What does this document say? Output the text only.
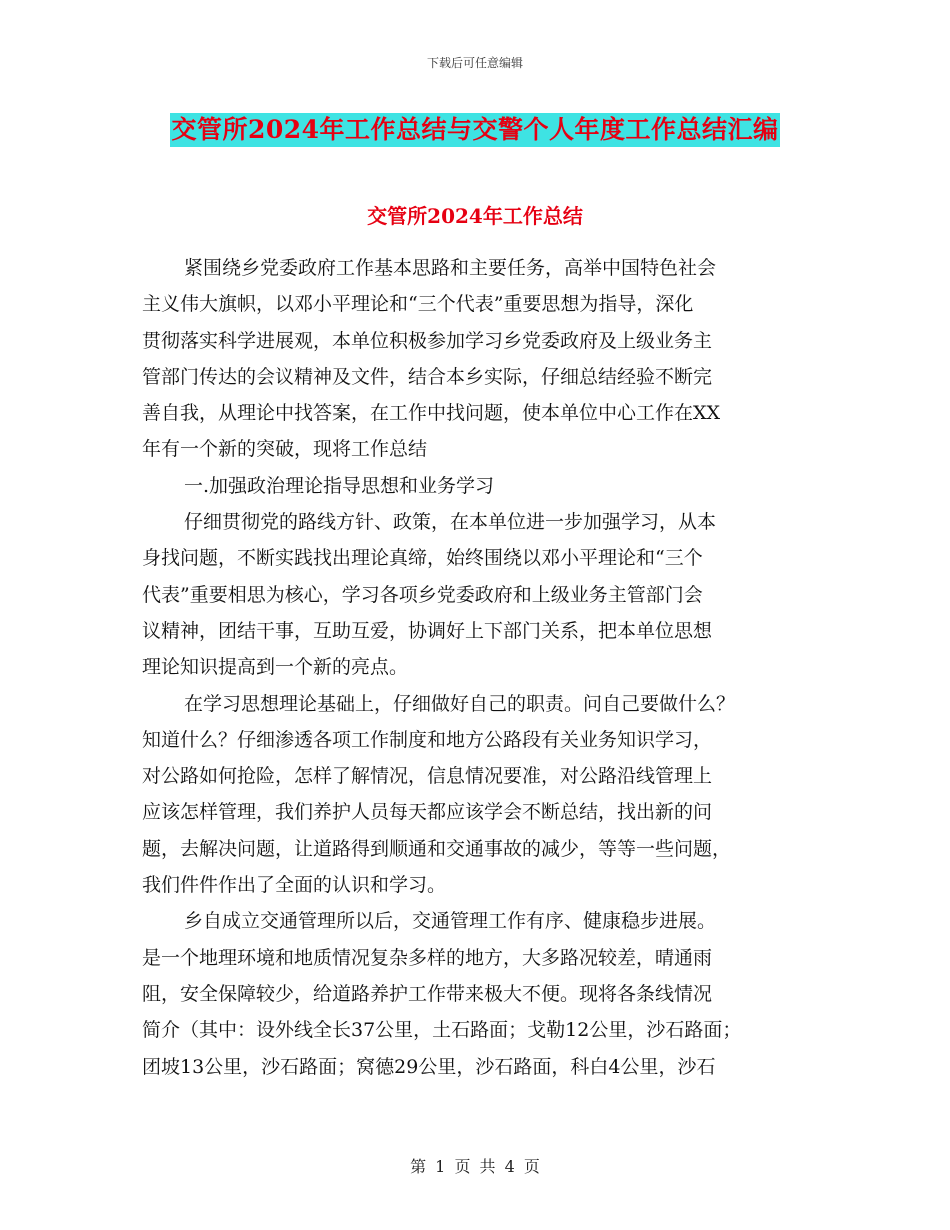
下载后可任意编辑
交管所2024年工作总结与交警个人年度工作总结汇编
交管所2024年工作总结

紧围绕乡党委政府工作基本思路和主要任务，高举中国特色社会
主义伟大旗帜，以邓小平理论和“三个代表”重要思想为指导，深化
贯彻落实科学进展观，本单位积极参加学习乡党委政府及上级业务主
管部门传达的会议精神及文件，结合本乡实际，仔细总结经验不断完
善自我，从理论中找答案，在工作中找问题，使本单位中心工作在XX
年有一个新的突破，现将工作总结

一.加强政治理论指导思想和业务学习

仔细贯彻党的路线方针、政策，在本单位进一步加强学习，从本
身找问题，不断实践找出理论真缔，始终围绕以邓小平理论和“三个
代表”重要相思为核心，学习各项乡党委政府和上级业务主管部门会
议精神，团结干事，互助互爱，协调好上下部门关系，把本单位思想
理论知识提高到一个新的亮点。

在学习思想理论基础上，仔细做好自己的职责。问自己要做什么？
知道什么？仔细渗透各项工作制度和地方公路段有关业务知识学习，
对公路如何抢险，怎样了解情况，信息情况要准，对公路沿线管理上
应该怎样管理，我们养护人员每天都应该学会不断总结，找出新的问
题，去解决问题，让道路得到顺通和交通事故的减少，等等一些问题，
我们件件作出了全面的认识和学习。

乡自成立交通管理所以后，交通管理工作有序、健康稳步进展。
是一个地理环境和地质情况复杂多样的地方，大多路况较差，晴通雨
阻，安全保障较少，给道路养护工作带来极大不便。现将各条线情况
简介（其中：设外线全长37公里，土石路面；戈勒12公里，沙石路面；
团坡13公里，沙石路面；窝德29公里，沙石路面，科白4公里，沙石

第 1 页 共 4 页
